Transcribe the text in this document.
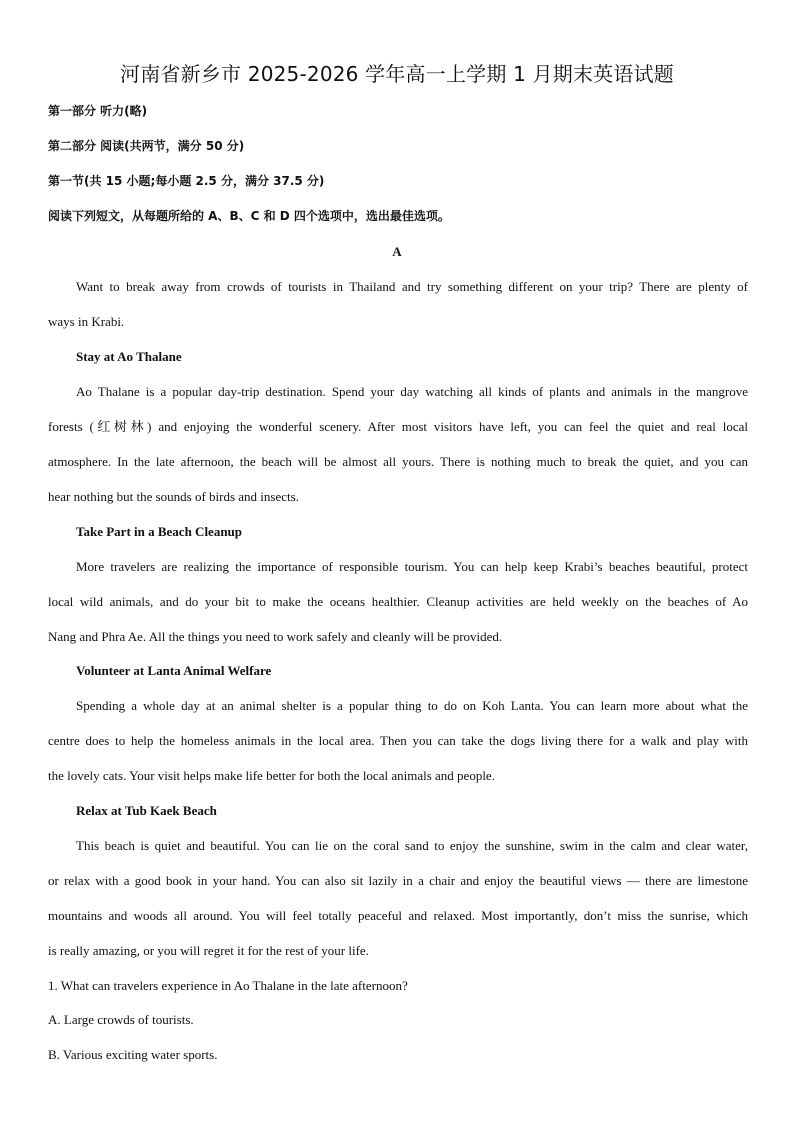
河南省新乡市 2025-2026 学年高一上学期 1 月期末英语试题
第一部分 听力(略)
第二部分 阅读(共两节，满分 50 分)
第一节(共 15 小题;每小题 2.5 分，满分 37.5 分)
阅读下列短文，从每题所给的 A、B、C 和 D 四个选项中，选出最佳选项。
A
Want to break away from crowds of tourists in Thailand and try something different on your trip? There are plenty of
ways in Krabi.
Stay at Ao Thalane
Ao Thalane is a popular day-trip destination. Spend your day watching all kinds of plants and animals in the mangrove
forests (红树林) and enjoying the wonderful scenery. After most visitors have left, you can feel the quiet and real local
atmosphere. In the late afternoon, the beach will be almost all yours. There is nothing much to break the quiet, and you can
hear nothing but the sounds of birds and insects.
Take Part in a Beach Cleanup
More travelers are realizing the importance of responsible tourism. You can help keep Krabi’s beaches beautiful, protect
local wild animals, and do your bit to make the oceans healthier. Cleanup activities are held weekly on the beaches of Ao
Nang and Phra Ae. All the things you need to work safely and cleanly will be provided.
Volunteer at Lanta Animal Welfare
Spending a whole day at an animal shelter is a popular thing to do on Koh Lanta. You can learn more about what the
centre does to help the homeless animals in the local area. Then you can take the dogs living there for a walk and play with
the lovely cats. Your visit helps make life better for both the local animals and people.
Relax at Tub Kaek Beach
This beach is quiet and beautiful. You can lie on the coral sand to enjoy the sunshine, swim in the calm and clear water,
or relax with a good book in your hand. You can also sit lazily in a chair and enjoy the beautiful views — there are limestone
mountains and woods all around. You will feel totally peaceful and relaxed. Most importantly, don’t miss the sunrise, which
is really amazing, or you will regret it for the rest of your life.
1. What can travelers experience in Ao Thalane in the late afternoon?
A. Large crowds of tourists.
B. Various exciting water sports.
